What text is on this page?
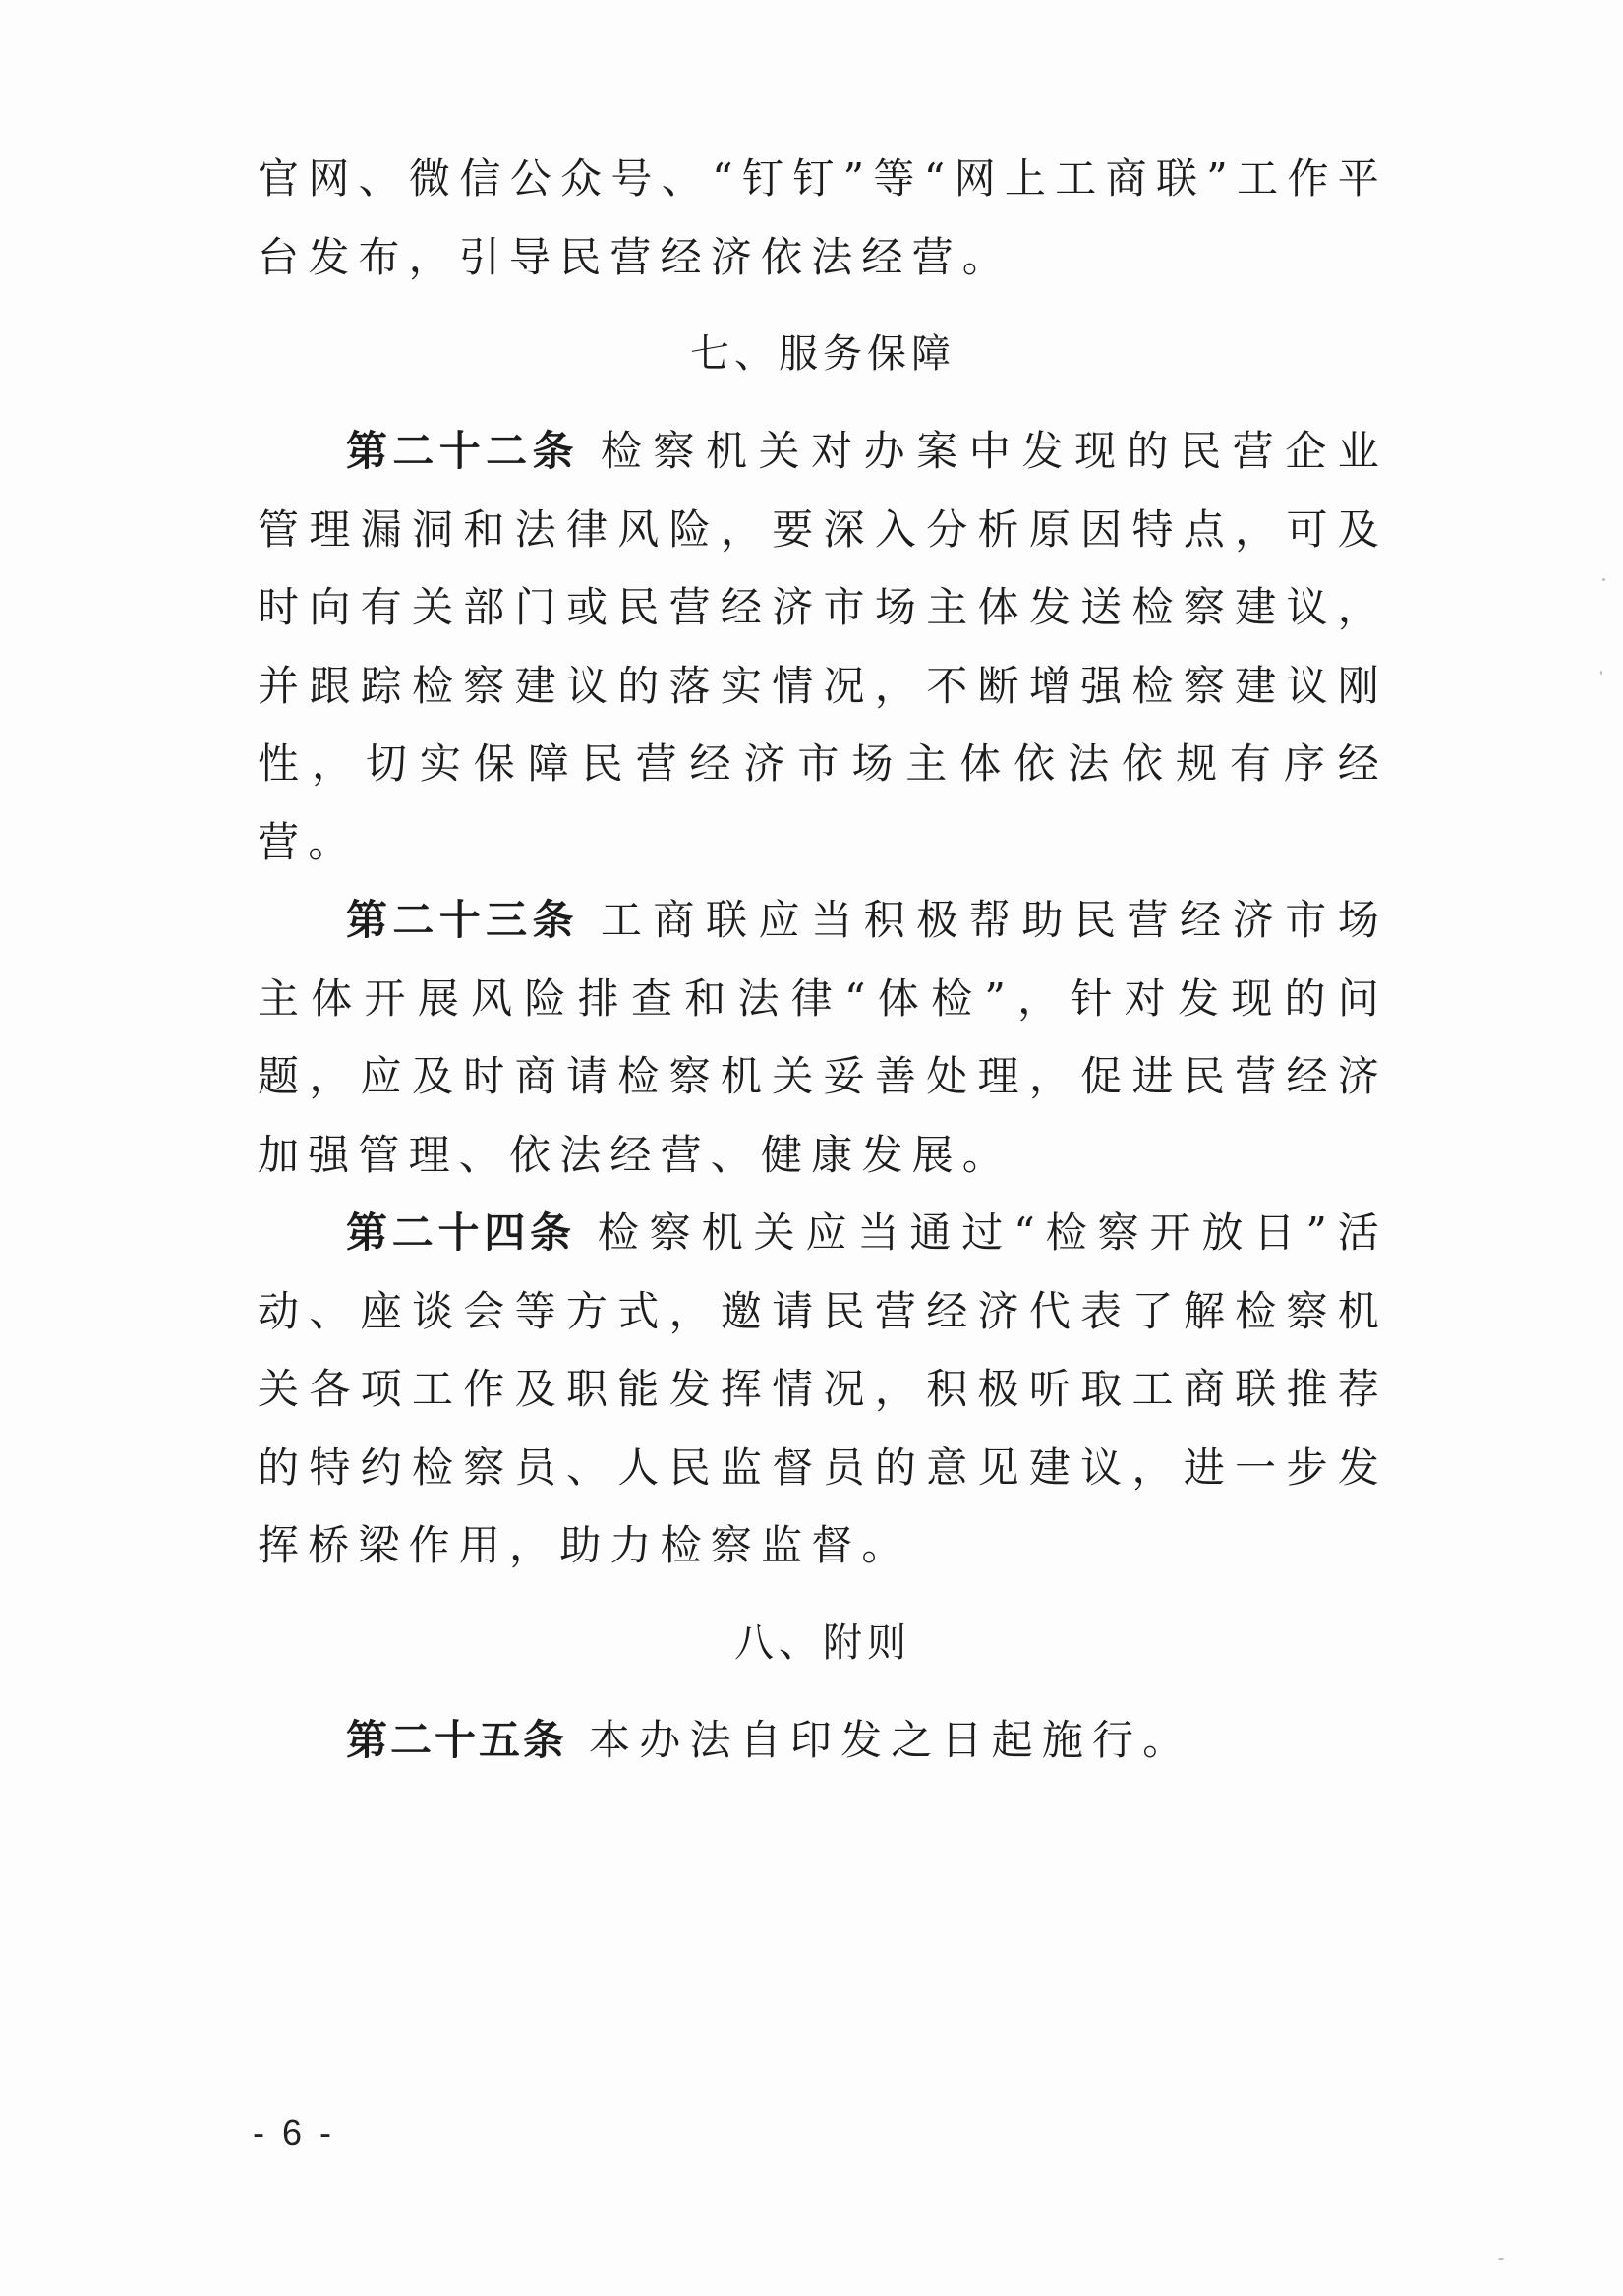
官网、微信公众号、“钉钉”等“网上工商联”工作平台发布，引导民营经济依法经营。
七、服务保障
第二十二条 检察机关对办案中发现的民营企业管理漏洞和法律风险，要深入分析原因特点，可及时向有关部门或民营经济市场主体发送检察建议，并跟踪检察建议的落实情况，不断增强检察建议刚性，切实保障民营经济市场主体依法依规有序经营。
第二十三条 工商联应当积极帮助民营经济市场主体开展风险排查和法律“体检”，针对发现的问题，应及时商请检察机关妥善处理，促进民营经济加强管理、依法经营、健康发展。
第二十四条 检察机关应当通过“检察开放日”活动、座谈会等方式，邀请民营经济代表了解检察机关各项工作及职能发挥情况，积极听取工商联推荐的特约检察员、人民监督员的意见建议，进一步发挥桥梁作用，助力检察监督。
八、附则
第二十五条 本办法自印发之日起施行。
- 6 -
